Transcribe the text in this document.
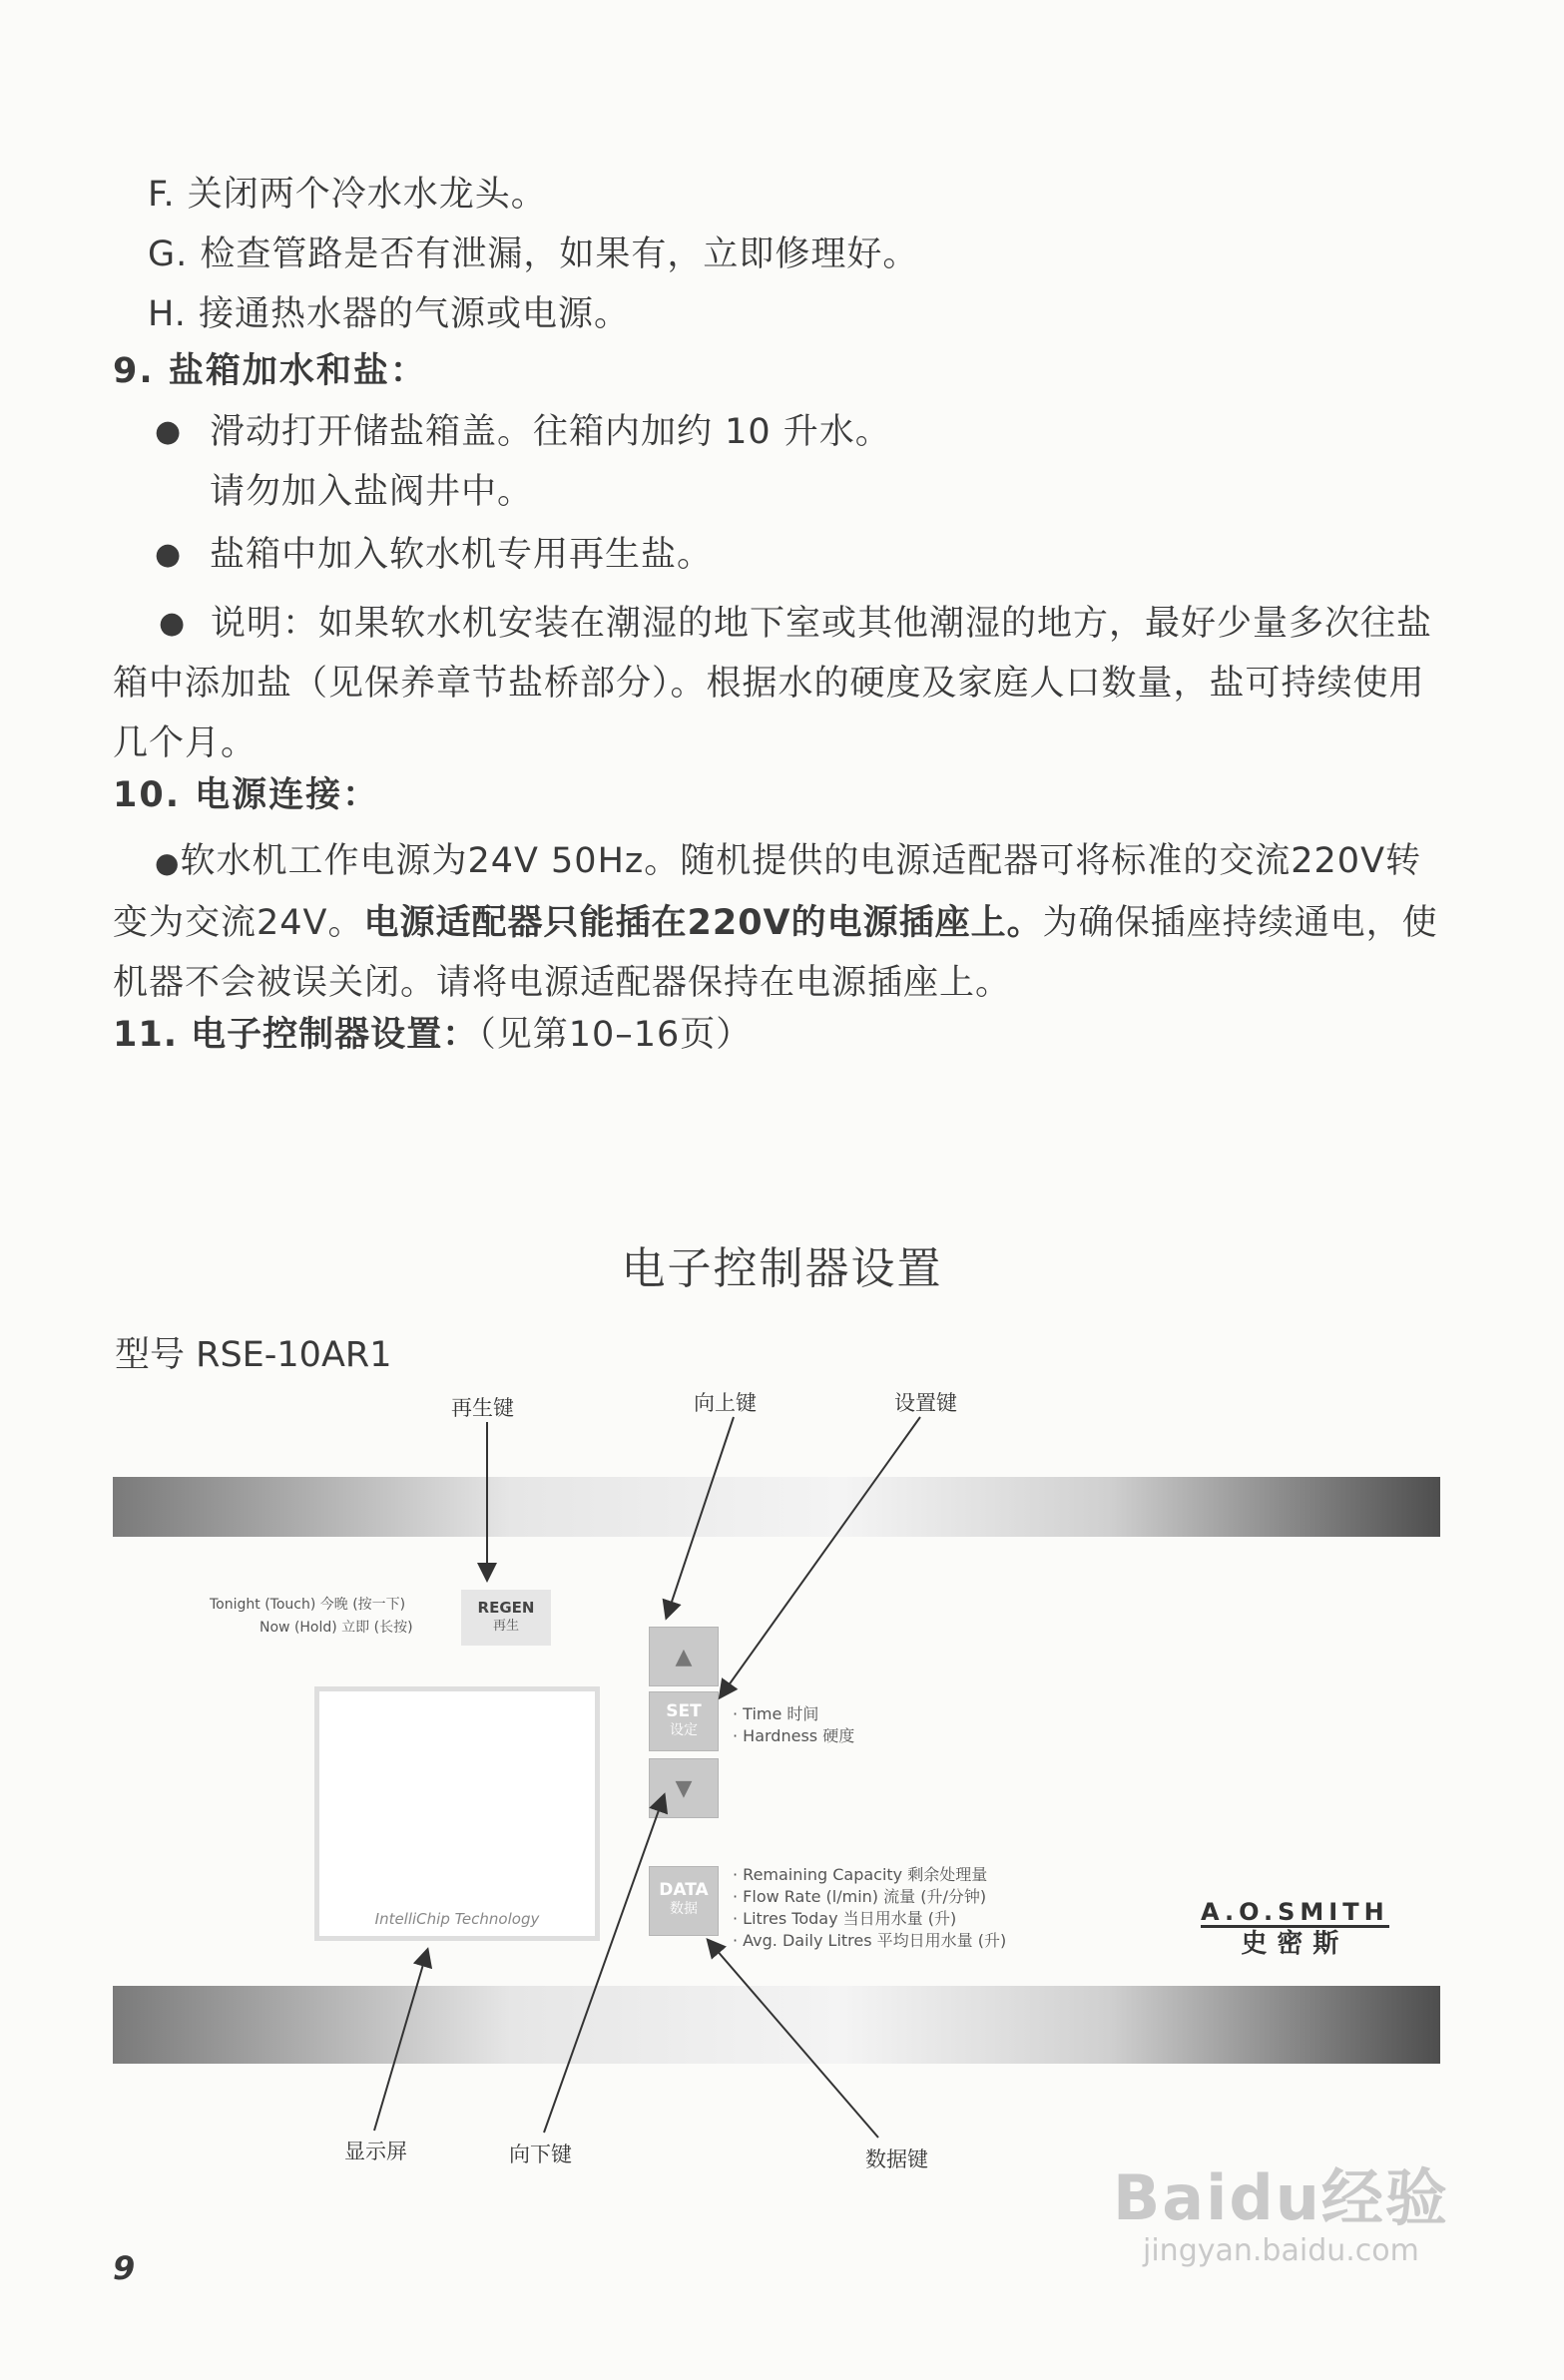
F. 关闭两个冷水水龙头。
G. 检查管路是否有泄漏，如果有，立即修理好。
H. 接通热水器的气源或电源。
9. 盐箱加水和盐：
● 滑动打开储盐箱盖。往箱内加约 10 升水。
请勿加入盐阀井中。
● 盐箱中加入软水机专用再生盐。
● 说明：如果软水机安装在潮湿的地下室或其他潮湿的地方，最好少量多次往盐箱中添加盐（见保养章节盐桥部分）。根据水的硬度及家庭人口数量，盐可持续使用几个月。
10. 电源连接：
●软水机工作电源为24V 50Hz。随机提供的电源适配器可将标准的交流220V转变为交流24V。电源适配器只能插在220V的电源插座上。为确保插座持续通电，使机器不会被误关闭。请将电源适配器保持在电源插座上。
11. 电子控制器设置：（见第10–16页）
电子控制器设置
型号 RSE-10AR1
再生键	向上键	设置键
Tonight (Touch) 今晚 (按一下)
Now (Hold) 立即 (长按)
REGEN
再生
▲
SET
设定
▼
DATA
数据
· Time 时间
· Hardness 硬度
· Remaining Capacity 剩余处理量
· Flow Rate (l/min) 流量 (升/分钟)
· Litres Today 当日用水量 (升)
· Avg. Daily Litres 平均日用水量 (升)
IntelliChip Technology	A.O.SMITH
史密斯
显示屏	向下键	数据键
9
Baidu经验
jingyan.baidu.com
